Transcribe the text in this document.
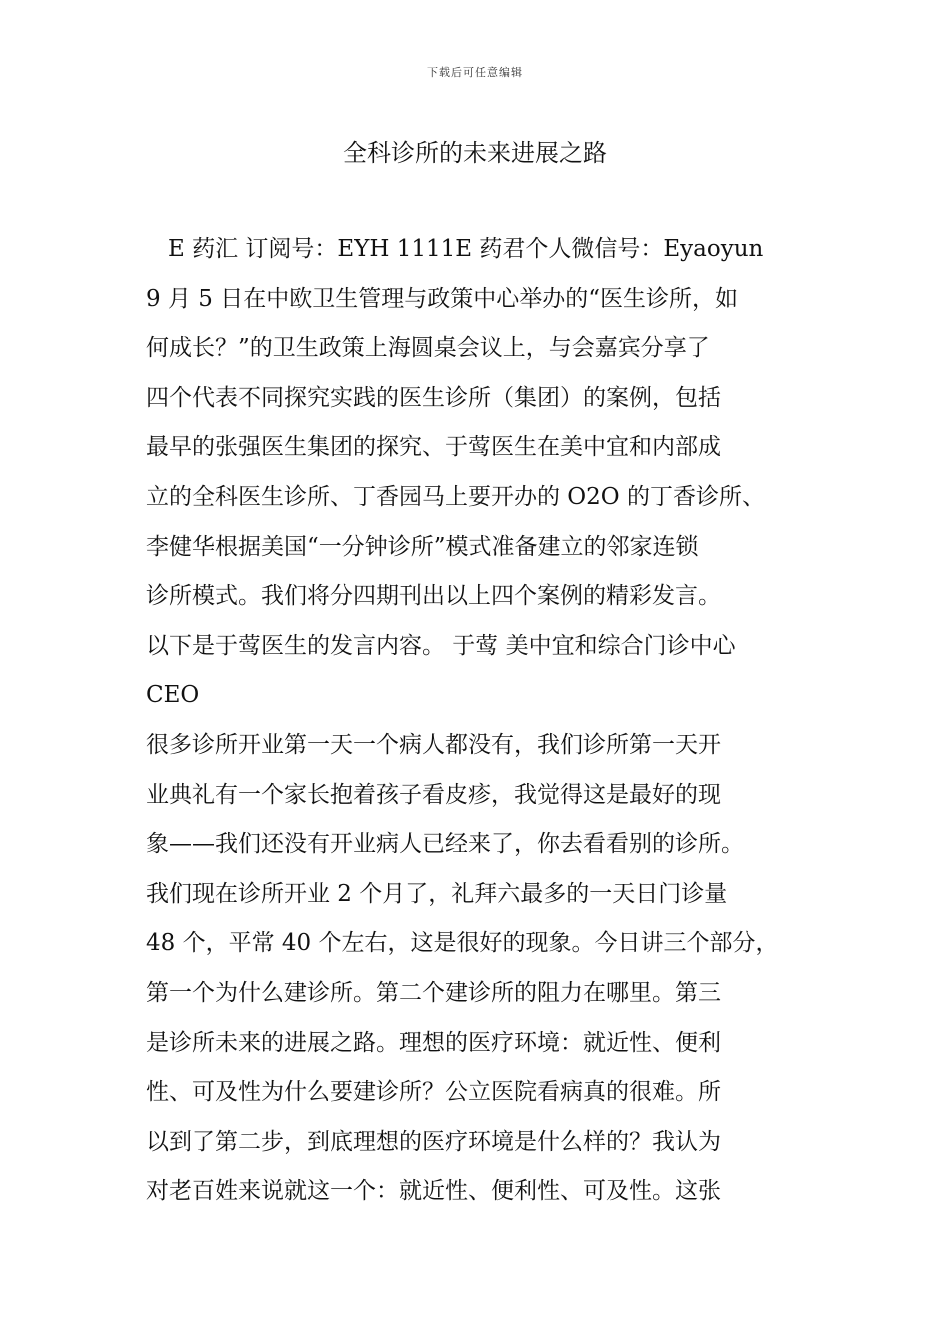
下载后可任意编辑
全科诊所的未来进展之路
E 药汇 订阅号：EYH 1111E 药君个人微信号：Eyaoyun
9 月 5 日在中欧卫生管理与政策中心举办的“医生诊所，如
何成长？”的卫生政策上海圆桌会议上，与会嘉宾分享了
四个代表不同探究实践的医生诊所（集团）的案例，包括
最早的张强医生集团的探究、于莺医生在美中宜和内部成
立的全科医生诊所、丁香园马上要开办的 O2O 的丁香诊所、
李健华根据美国“一分钟诊所”模式准备建立的邻家连锁
诊所模式。我们将分四期刊出以上四个案例的精彩发言。
以下是于莺医生的发言内容。 于莺 美中宜和综合门诊中心
CEO
很多诊所开业第一天一个病人都没有，我们诊所第一天开
业典礼有一个家长抱着孩子看皮疹，我觉得这是最好的现
象——我们还没有开业病人已经来了，你去看看别的诊所。
我们现在诊所开业 2 个月了，礼拜六最多的一天日门诊量
48 个，平常 40 个左右，这是很好的现象。今日讲三个部分，
第一个为什么建诊所。第二个建诊所的阻力在哪里。第三
是诊所未来的进展之路。理想的医疗环境：就近性、便利
性、可及性为什么要建诊所？公立医院看病真的很难。所
以到了第二步，到底理想的医疗环境是什么样的？我认为
对老百姓来说就这一个：就近性、便利性、可及性。这张
